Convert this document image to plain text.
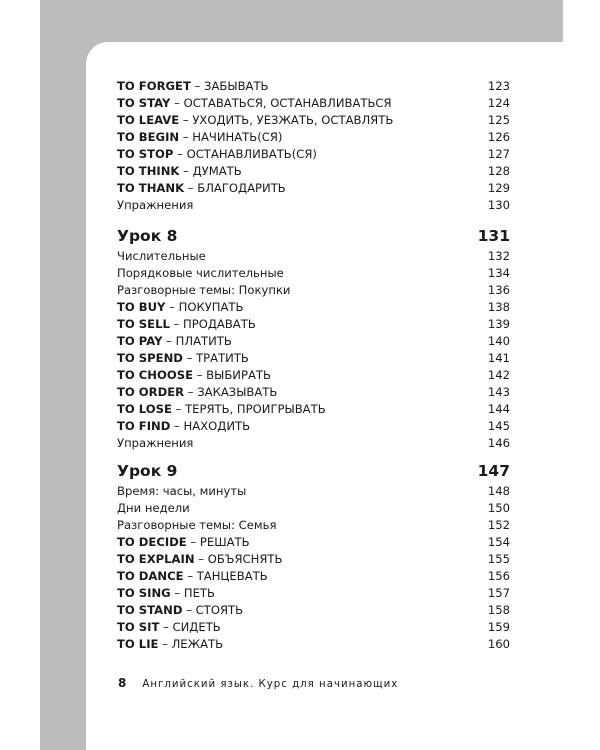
TO FORGET – ЗАБЫВАТЬ	123
TO STAY – ОСТАВАТЬСЯ, ОСТАНАВЛИВАТЬСЯ	124
TO LEAVE – УХОДИТЬ, УЕЗЖАТЬ, ОСТАВЛЯТЬ	125
TO BEGIN – НАЧИНАТЬ(СЯ)	126
TO STOP – ОСТАНАВЛИВАТЬ(СЯ)	127
TO THINK – ДУМАТЬ	128
TO THANK – БЛАГОДАРИТЬ	129
Упражнения	130
Урок 8	131
Числительные	132
Порядковые числительные	134
Разговорные темы: Покупки	136
TO BUY – ПОКУПАТЬ	138
TO SELL – ПРОДАВАТЬ	139
TO PAY – ПЛАТИТЬ	140
TO SPEND – ТРАТИТЬ	141
TO CHOOSE – ВЫБИРАТЬ	142
TO ORDER – ЗАКАЗЫВАТЬ	143
TO LOSE – ТЕРЯТЬ, ПРОИГРЫВАТЬ	144
TO FIND – НАХОДИТЬ	145
Упражнения	146
Урок 9	147
Время: часы, минуты	148
Дни недели	150
Разговорные темы: Семья	152
TO DECIDE – РЕШАТЬ	154
TO EXPLAIN – ОБЪЯСНЯТЬ	155
TO DANCE – ТАНЦЕВАТЬ	156
TO SING – ПЕТЬ	157
TO STAND – СТОЯТЬ	158
TO SIT – СИДЕТЬ	159
TO LIE – ЛЕЖАТЬ	160
8 Английский язык. Курс для начинающих
